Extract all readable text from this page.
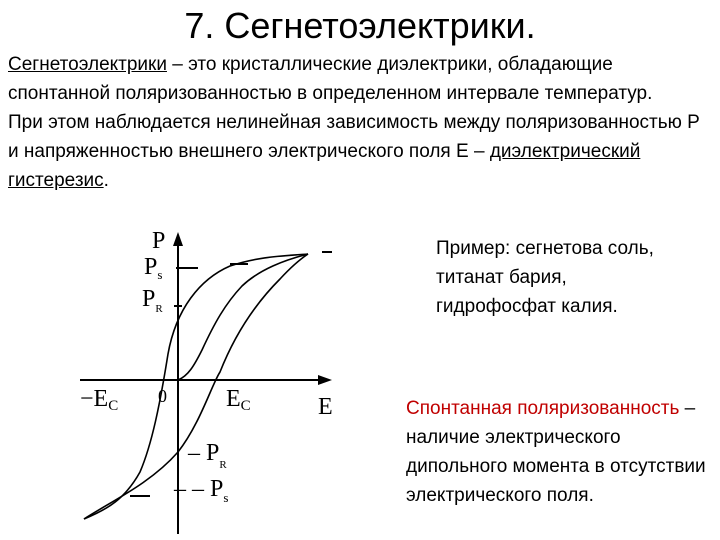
7. Сегнетоэлектрики.

Сегнетоэлектрики – это кристаллические диэлектрики, обладающие спонтанной поляризованностью в определенном интервале температур.

При этом наблюдается нелинейная зависимость между поляризованностью P и напряженностью внешнего электрического поля E – диэлектрический гистерезис.

Пример: сегнетова соль,

титанат бария,

гидрофосфат калия.

Спонтанная поляризованность – наличие электрического дипольного момента в отсутствии электрического поля.
P
$P_s$
$P_R$
−EC 0 EC	E
– $P_R$
– – $P_s$
